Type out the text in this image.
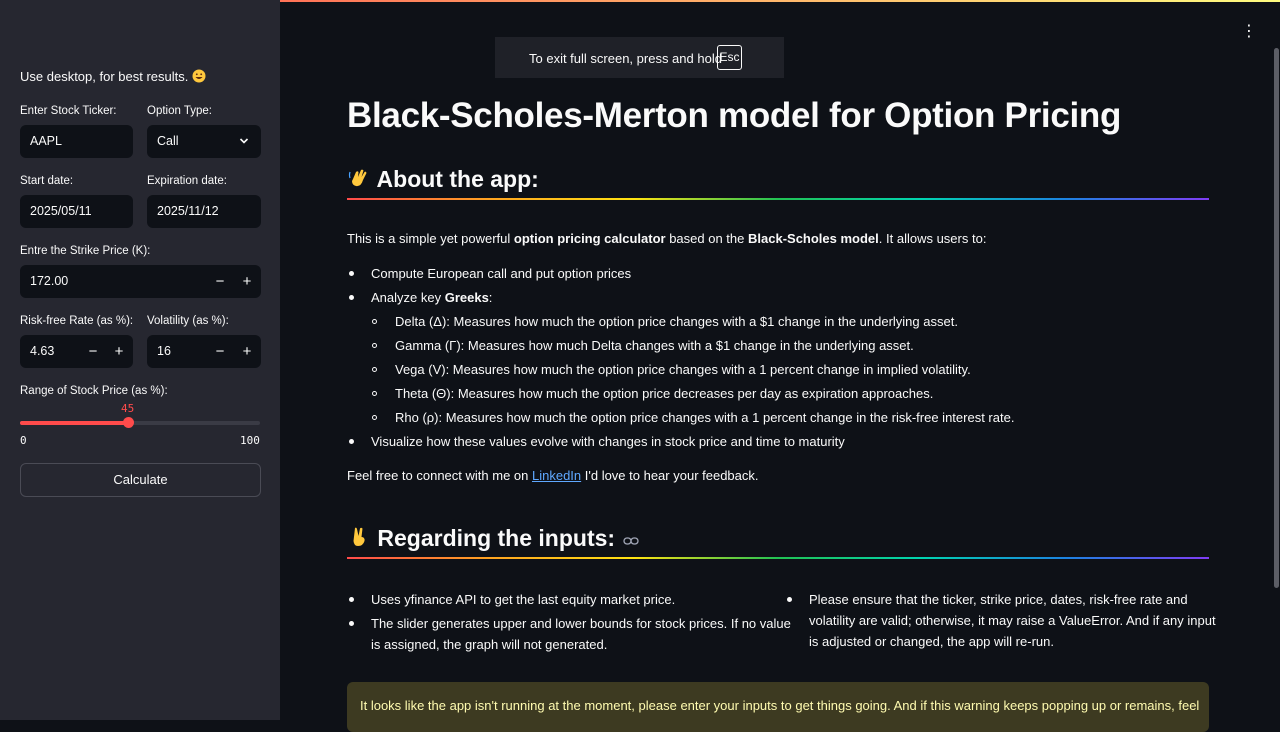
Use desktop, for best results.
Enter Stock Ticker:
AAPL
Option Type:
Call
Start date:
2025/05/11
Expiration date:
2025/11/12
Entre the Strike Price (K):
172.00	−	+
Risk-free Rate (as %):
4.63	−	+
Volatility (as %):
16	−	+
Range of Stock Price (as %):
45
0	100
Calculate
⋮
To exit full screen, press and hold
Esc
Black-Scholes-Merton model for Option Pricing
About the app:
This is a simple yet powerful option pricing calculator based on the Black-Scholes model. It allows users to:
Compute European call and put option prices
Analyze key Greeks:
Delta (Δ): Measures how much the option price changes with a $1 change in the underlying asset.
Gamma (Γ): Measures how much Delta changes with a $1 change in the underlying asset.
Vega (V): Measures how much the option price changes with a 1 percent change in implied volatility.
Theta (Θ): Measures how much the option price decreases per day as expiration approaches.
Rho (ρ): Measures how much the option price changes with a 1 percent change in the risk-free interest rate.
Visualize how these values evolve with changes in stock price and time to maturity
Feel free to connect with me on LinkedIn I'd love to hear your feedback.
Regarding the inputs:
Uses yfinance API to get the last equity market price.
The slider generates upper and lower bounds for stock prices. If no value
is assigned, the graph will not generated.
Please ensure that the ticker, strike price, dates, risk-free rate and
volatility are valid; otherwise, it may raise a ValueError. And if any input
is adjusted or changed, the app will re-run.
It looks like the app isn't running at the moment, please enter your inputs to get things going. And if this warning keeps popping up or remains, feel
